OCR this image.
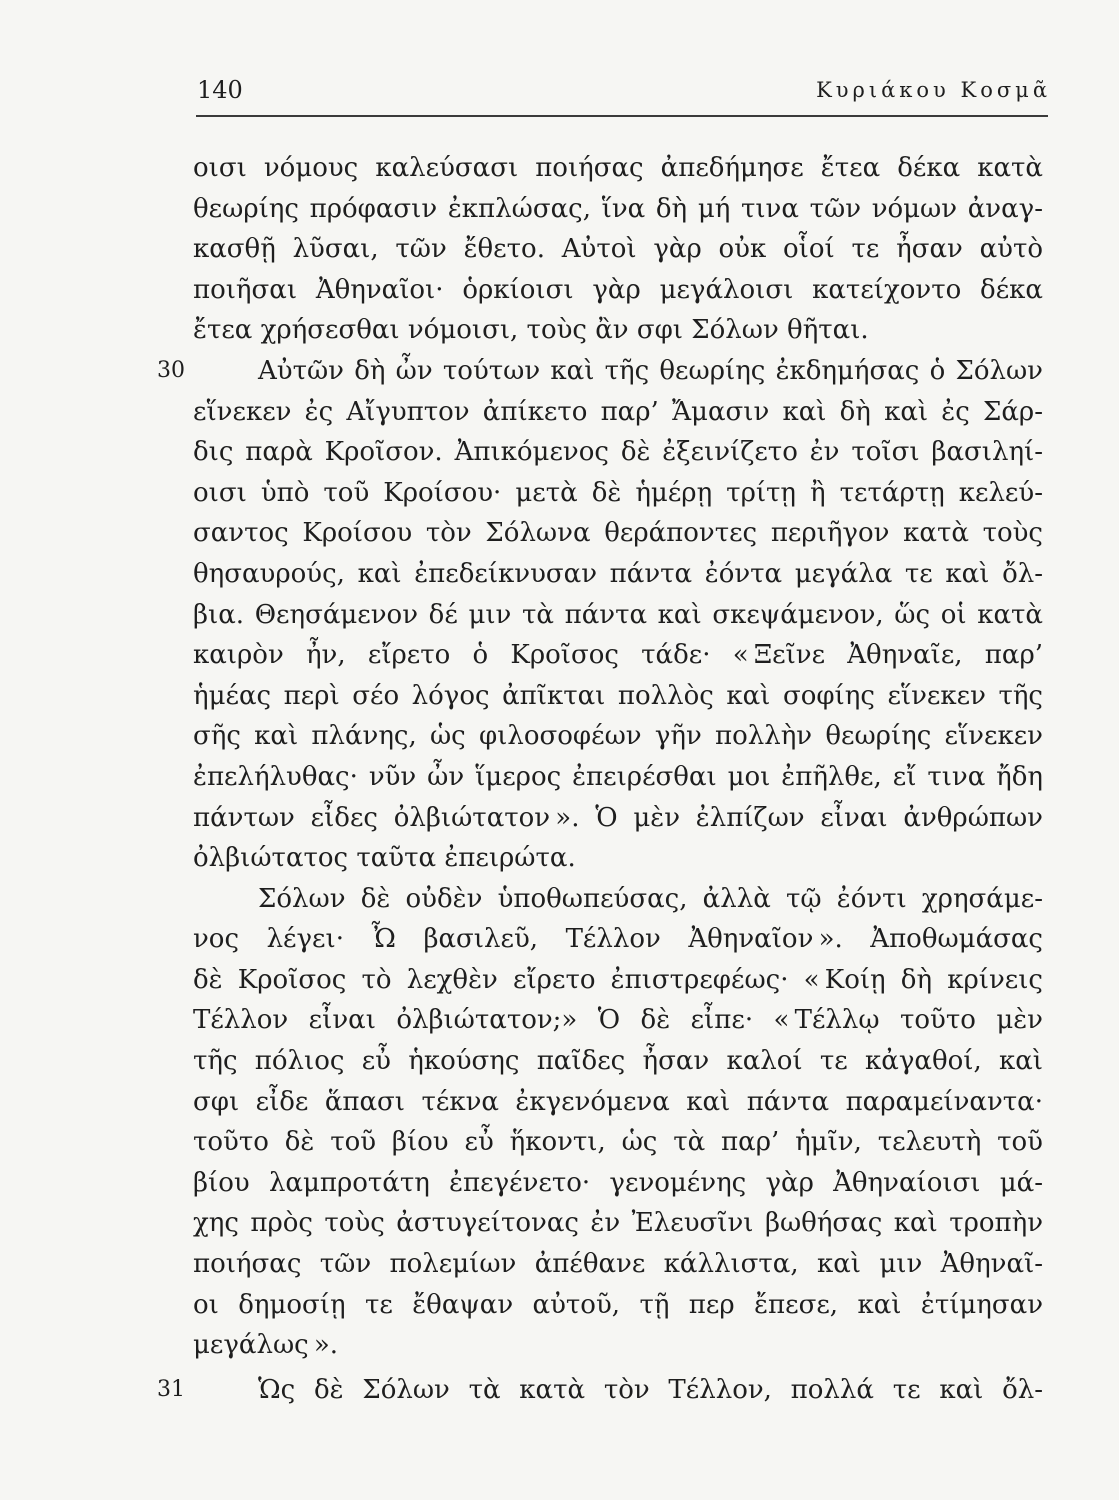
140	Κυριάκου Κοσμᾶ
οισι νόμους καλεύσασι ποιήσας ἀπεδήμησε ἔτεα δέκα κατὰ
θεωρίης πρόφασιν ἐκπλώσας, ἵνα δὴ μή τινα τῶν νόμων ἀναγ-
κασθῇ λῦσαι, τῶν ἔθετο. Αὐτοὶ γὰρ οὐκ οἷοί τε ἦσαν αὐτὸ
ποιῆσαι Ἀθηναῖοι· ὁρκίοισι γὰρ μεγάλοισι κατείχοντο δέκα
ἔτεα χρήσεσθαι νόμοισι, τοὺς ἂν σφι Σόλων θῆται.
30	Αὐτῶν δὴ ὦν τούτων καὶ τῆς θεωρίης ἐκδημήσας ὁ Σόλων
εἵνεκεν ἐς Αἴγυπτον ἀπίκετο παρ’ Ἄμασιν καὶ δὴ καὶ ἐς Σάρ-
δις παρὰ Κροῖσον. Ἀπικόμενος δὲ ἐξεινίζετο ἐν τοῖσι βασιληί-
οισι ὑπὸ τοῦ Κροίσου· μετὰ δὲ ἡμέρῃ τρίτῃ ἢ τετάρτῃ κελεύ-
σαντος Κροίσου τὸν Σόλωνα θεράποντες περιῆγον κατὰ τοὺς
θησαυρούς, καὶ ἐπεδείκνυσαν πάντα ἐόντα μεγάλα τε καὶ ὄλ-
βια. Θεησάμενον δέ μιν τὰ πάντα καὶ σκεψάμενον, ὥς οἱ κατὰ
καιρὸν ἦν, εἴρετο ὁ Κροῖσος τάδε· « Ξεῖνε Ἀθηναῖε, παρ’
ἡμέας περὶ σέο λόγος ἀπῖκται πολλὸς καὶ σοφίης εἵνεκεν τῆς
σῆς καὶ πλάνης, ὡς φιλοσοφέων γῆν πολλὴν θεωρίης εἵνεκεν
ἐπελήλυθας· νῦν ὦν ἵμερος ἐπειρέσθαι μοι ἐπῆλθε, εἴ τινα ἤδη
πάντων εἶδες ὀλβιώτατον ». Ὁ μὲν ἐλπίζων εἶναι ἀνθρώπων
ὀλβιώτατος ταῦτα ἐπειρώτα.
Σόλων δὲ οὐδὲν ὑποθωπεύσας, ἀλλὰ τῷ ἐόντι χρησάμε-
νος λέγει· Ὦ βασιλεῦ, Τέλλον Ἀθηναῖον ». Ἀποθωμάσας
δὲ Κροῖσος τὸ λεχθὲν εἴρετο ἐπιστρεφέως· « Κοίῃ δὴ κρίνεις
Τέλλον εἶναι ὀλβιώτατον;» Ὁ δὲ εἶπε· « Τέλλῳ τοῦτο μὲν
τῆς πόλιος εὖ ἡκούσης παῖδες ἦσαν καλοί τε κἀγαθοί, καὶ
σφι εἶδε ἅπασι τέκνα ἐκγενόμενα καὶ πάντα παραμείναντα·
τοῦτο δὲ τοῦ βίου εὖ ἥκοντι, ὡς τὰ παρ’ ἡμῖν, τελευτὴ τοῦ
βίου λαμπροτάτη ἐπεγένετο· γενομένης γὰρ Ἀθηναίοισι μά-
χης πρὸς τοὺς ἀστυγείτονας ἐν Ἐλευσῖνι βωθήσας καὶ τροπὴν
ποιήσας τῶν πολεμίων ἀπέθανε κάλλιστα, καὶ μιν Ἀθηναῖ-
οι δημοσίῃ τε ἔθαψαν αὐτοῦ, τῇ περ ἔπεσε, καὶ ἐτίμησαν
μεγάλως ».
31	Ὡς δὲ Σόλων τὰ κατὰ τὸν Τέλλον, πολλά τε καὶ ὄλ-
